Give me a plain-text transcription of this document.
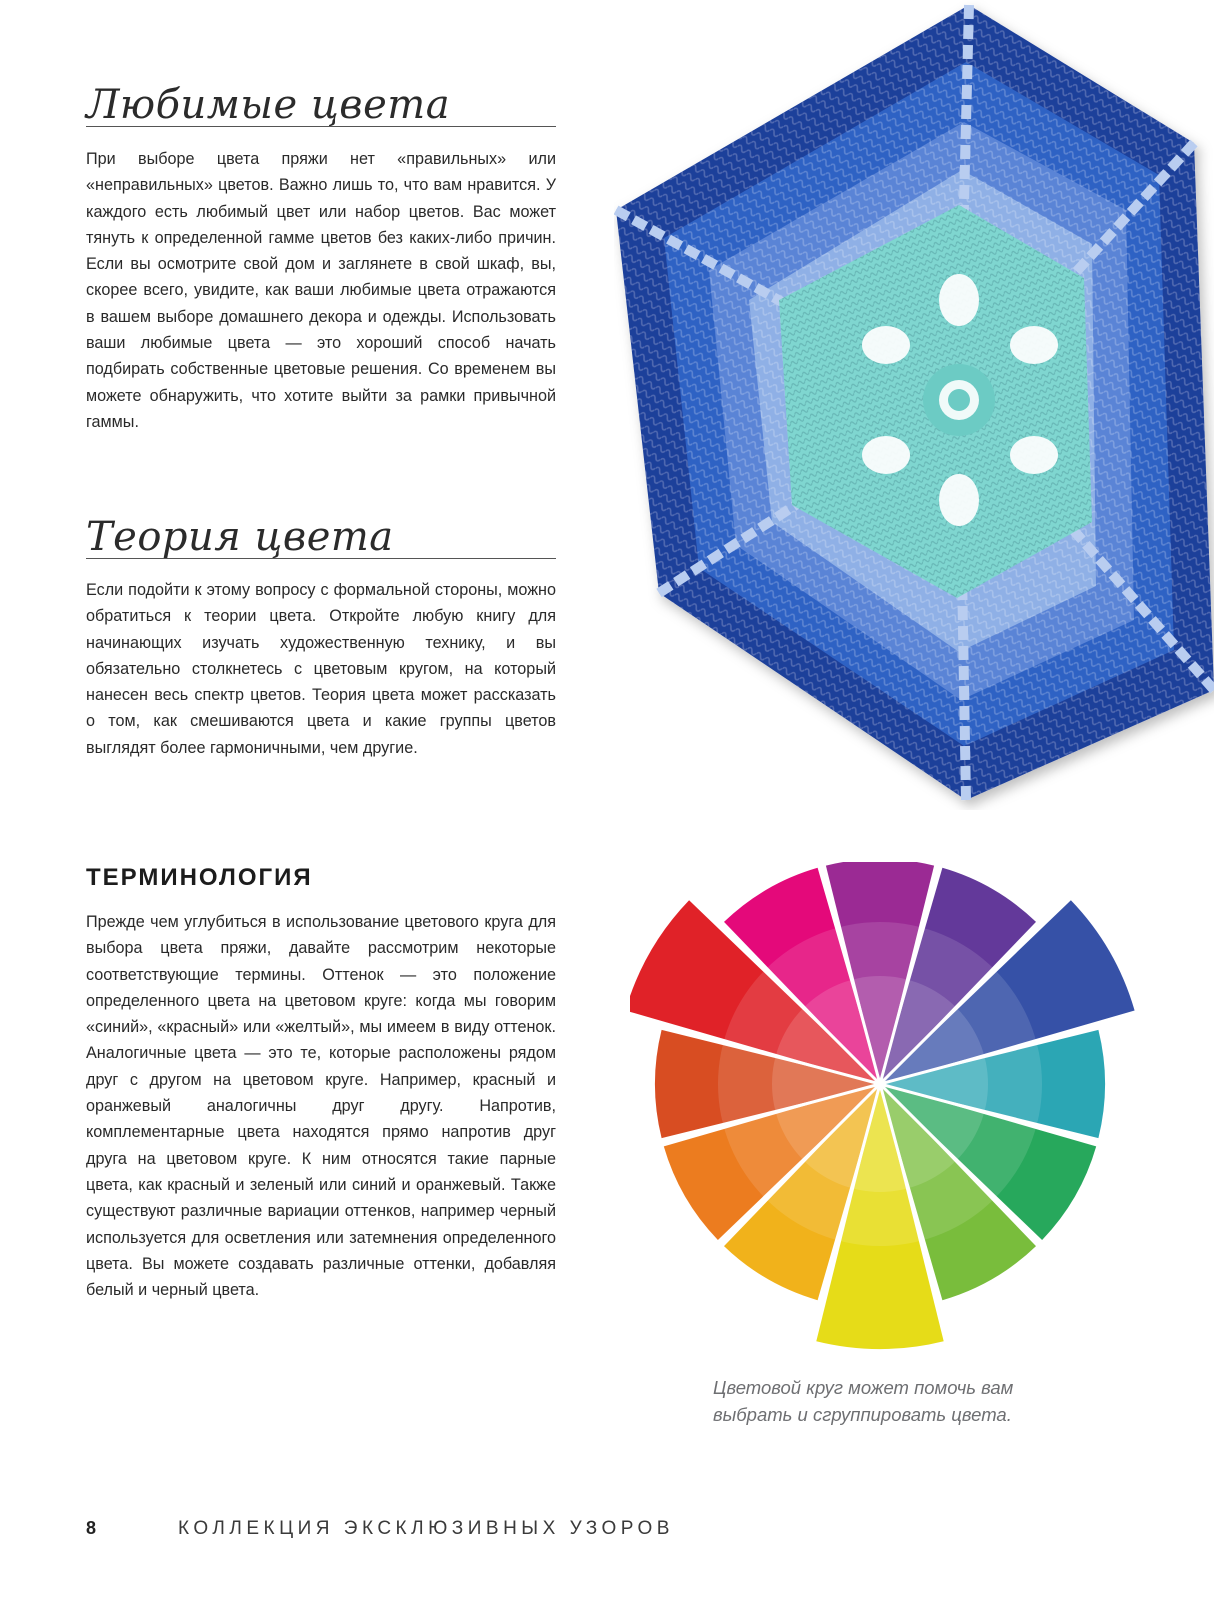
Любимые цвета

При выборе цвета пряжи нет «правильных» или «неправильных» цветов. Важно лишь то, что вам нравится. У каждого есть любимый цвет или набор цветов. Вас может тянуть к определенной гамме цветов без каких-либо причин. Если вы осмотрите свой дом и заглянете в свой шкаф, вы, скорее всего, увидите, как ваши любимые цвета отражаются в вашем выборе домашнего декора и одежды. Использовать ваши любимые цвета — это хороший способ начать подбирать собственные цветовые решения. Со временем вы можете обнаружить, что хотите выйти за рамки привычной гаммы.

Теория цвета

Если подойти к этому вопросу с формальной стороны, можно обратиться к теории цвета. Откройте любую книгу для начинающих изучать художественную технику, и вы обязательно столкнетесь с цветовым кругом, на который нанесен весь спектр цветов. Теория цвета может рассказать о том, как смешиваются цвета и какие группы цветов выглядят более гармоничными, чем другие.

ТЕРМИНОЛОГИЯ

Прежде чем углубиться в использование цветового круга для выбора цвета пряжи, давайте рассмотрим некоторые соответствующие термины. Оттенок — это положение определенного цвета на цветовом круге: когда мы говорим «синий», «красный» или «желтый», мы имеем в виду оттенок. Аналогичные цвета — это те, которые расположены рядом друг с другом на цветовом круге. Например, красный и оранжевый аналогичны друг другу. Напротив, комплементарные цвета находятся прямо напротив друг друга на цветовом круге. К ним относятся такие парные цвета, как красный и зеленый или синий и оранжевый. Также существуют различные вариации оттенков, например черный используется для осветления или затемнения определенного цвета. Вы можете создавать различные оттенки, добавляя белый и черный цвета.

Цветовой круг может помочь вам выбрать и сгруппировать цвета.

8	КОЛЛЕКЦИЯ ЭКСКЛЮЗИВНЫХ УЗОРОВ
